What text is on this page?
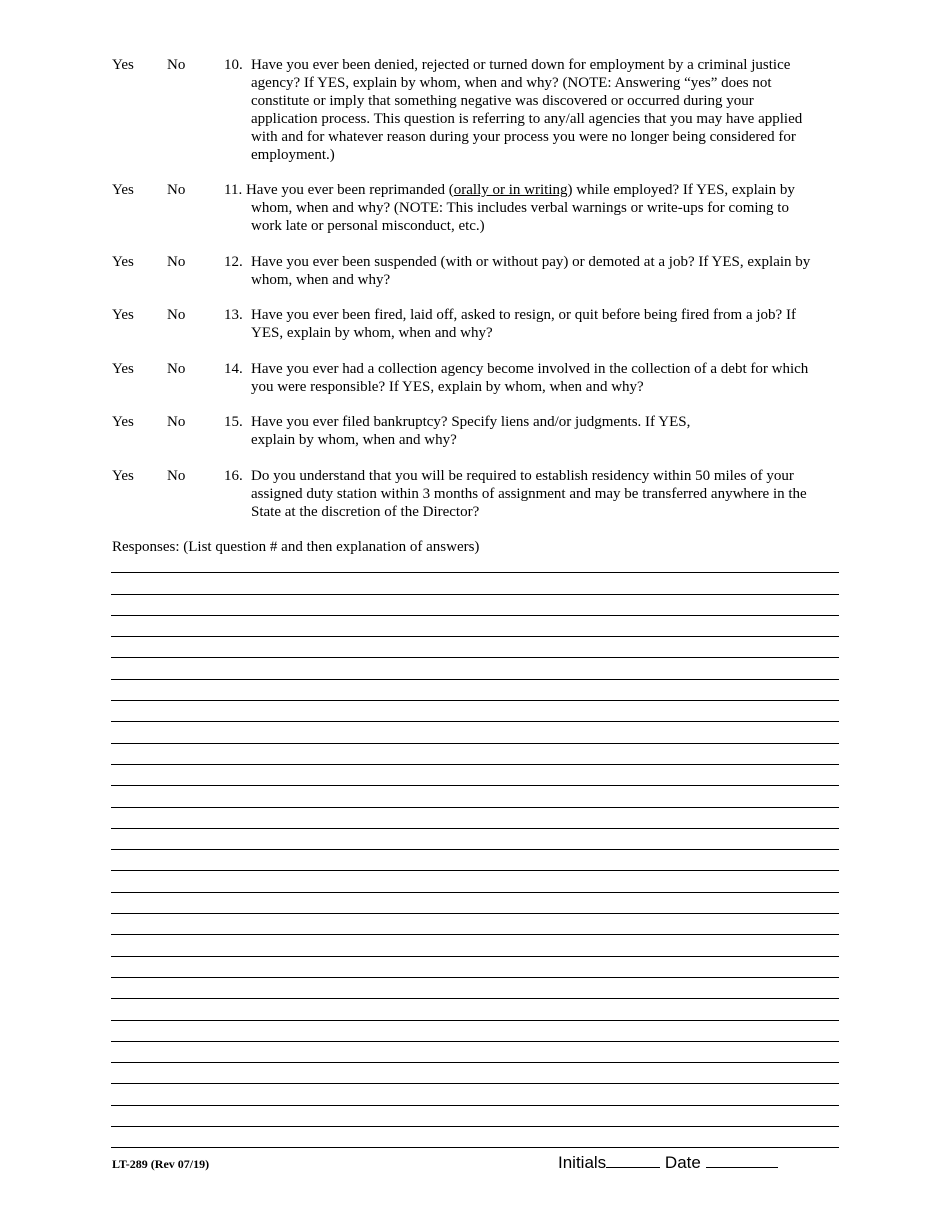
Yes No	10. Have you ever been denied, rejected or turned down for employment by a criminal justice
agency? If YES, explain by whom, when and why? (NOTE: Answering “yes” does not
constitute or imply that something negative was discovered or occurred during your
application process. This question is referring to any/all agencies that you may have applied
with and for whatever reason during your process you were no longer being considered for
employment.)
Yes No	11. Have you ever been reprimanded (orally or in writing) while employed? If YES, explain by
whom, when and why? (NOTE: This includes verbal warnings or write-ups for coming to
work late or personal misconduct, etc.)
Yes No	12. Have you ever been suspended (with or without pay) or demoted at a job? If YES, explain by
whom, when and why?
Yes No	13. Have you ever been fired, laid off, asked to resign, or quit before being fired from a job? If
YES, explain by whom, when and why?
Yes No	14. Have you ever had a collection agency become involved in the collection of a debt for which
you were responsible? If YES, explain by whom, when and why?
Yes No	15. Have you ever filed bankruptcy? Specify liens and/or judgments. If YES,
explain by whom, when and why?
Yes No	16. Do you understand that you will be required to establish residency within 50 miles of your
assigned duty station within 3 months of assignment and may be transferred anywhere in the
State at the discretion of the Director?
Responses: (List question # and then explanation of answers)
LT-289 (Rev 07/19)	Initials	Date
